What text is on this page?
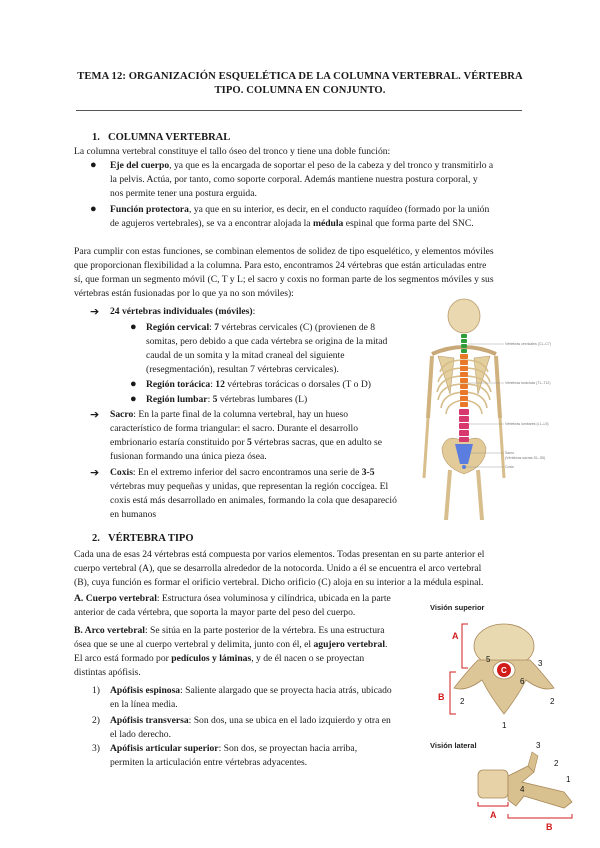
TEMA 12: ORGANIZACIÓN ESQUELÉTICA DE LA COLUMNA VERTEBRAL. VÉRTEBRA TIPO. COLUMNA EN CONJUNTO.
1. COLUMNA VERTEBRAL
La columna vertebral constituye el tallo óseo del tronco y tiene una doble función:
● Eje del cuerpo, ya que es la encargada de soportar el peso de la cabeza y del tronco y transmitirlo a
la pelvis. Actúa, por tanto, como soporte corporal. Además mantiene nuestra postura corporal, y
nos permite tener una postura erguida.
● Función protectora, ya que en su interior, es decir, en el conducto raquídeo (formado por la unión
de agujeros vertebrales), se va a encontrar alojada la médula espinal que forma parte del SNC.
Para cumplir con estas funciones, se combinan elementos de solidez de tipo esquelético, y elementos móviles
que proporcionan flexibilidad a la columna. Para esto, encontramos 24 vértebras que están articuladas entre
sí, que forman un segmento móvil (C, T y L; el sacro y coxis no forman parte de los segmentos móviles y sus
vértebras están fusionadas por lo que ya no son móviles):
➔ 24 vértebras individuales (móviles):
● Región cervical: 7 vértebras cervicales (C) (provienen de 8
somitas, pero debido a que cada vértebra se origina de la mitad
caudal de un somita y la mitad craneal del siguiente
(resegmentación), resultan 7 vértebras cervicales).
● Región torácica: 12 vértebras torácicas o dorsales (T o D)
● Región lumbar: 5 vértebras lumbares (L)
➔ Sacro: En la parte final de la columna vertebral, hay un hueso
característico de forma triangular: el sacro. Durante el desarrollo
embrionario estaría constituido por 5 vértebras sacras, que en adulto se
fusionan formando una única pieza ósea.
➔ Coxis: En el extremo inferior del sacro encontramos una serie de 3-5
vértebras muy pequeñas y unidas, que representan la región coccígea. El
coxis está más desarrollado en animales, formando la cola que desapareció
en humanos
Vértebras cervicales (C1–C7)
Vértebras torácicas (T1–T12)
Vértebras lumbares (L1–L5)
Sacro
(Vértebras sacras S1–S5)
Coxis
2. VÉRTEBRA TIPO
Cada una de esas 24 vértebras está compuesta por varios elementos. Todas presentan en su parte anterior el
cuerpo vertebral (A), que se desarrolla alrededor de la notocorda. Unido a él se encuentra el arco vertebral
(B), cuya función es formar el orificio vertebral. Dicho orificio (C) aloja en su interior a la médula espinal.
A. Cuerpo vertebral: Estructura ósea voluminosa y cilíndrica, ubicada en la parte
anterior de cada vértebra, que soporta la mayor parte del peso del cuerpo.
B. Arco vertebral: Se sitúa en la parte posterior de la vértebra. Es una estructura
ósea que se une al cuerpo vertebral y delimita, junto con él, el agujero vertebral.
El arco está formado por pedículos y láminas, y de él nacen o se proyectan
distintas apófisis.
1) Apófisis espinosa: Saliente alargado que se proyecta hacia atrás, ubicado
en la línea media.
2) Apófisis transversa: Son dos, una se ubica en el lado izquierdo y otra en
el lado derecho.
3) Apófisis articular superior: Son dos, se proyectan hacia arriba,
permiten la articulación entre vértebras adyacentes.
Visión superior
A
B
C
5	3
6
2	2
1
Visión lateral	3
2
4
1
A
B
